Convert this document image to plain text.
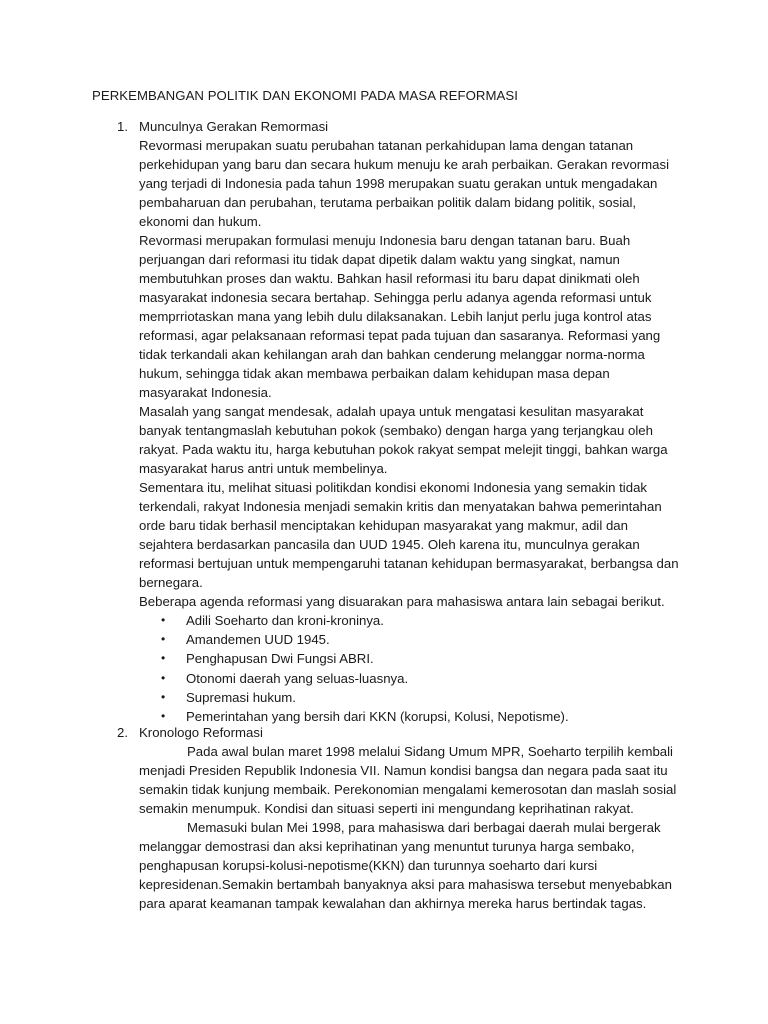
PERKEMBANGAN POLITIK DAN EKONOMI PADA MASA REFORMASI
1. Munculnya Gerakan Remormasi

Revormasi merupakan suatu perubahan tatanan perkahidupan lama dengan tatanan perkehidupan yang baru dan secara hukum menuju ke arah perbaikan. Gerakan revormasi yang terjadi di Indonesia pada tahun 1998 merupakan suatu gerakan untuk mengadakan pembaharuan dan perubahan, terutama perbaikan politik dalam bidang politik, sosial, ekonomi dan hukum.

Revormasi merupakan formulasi menuju Indonesia baru dengan tatanan baru. Buah perjuangan dari reformasi itu tidak dapat dipetik dalam waktu yang singkat, namun membutuhkan proses dan waktu. Bahkan hasil reformasi itu baru dapat dinikmati oleh masyarakat indonesia secara bertahap. Sehingga perlu adanya agenda reformasi untuk memprriotaskan mana yang lebih dulu dilaksanakan. Lebih lanjut perlu juga kontrol atas reformasi, agar pelaksanaan reformasi tepat pada tujuan dan sasaranya. Reformasi yang tidak terkandali akan kehilangan arah dan bahkan cenderung melanggar norma-norma hukum, sehingga tidak akan membawa perbaikan dalam kehidupan masa depan masyarakat Indonesia.

Masalah yang sangat mendesak, adalah upaya untuk mengatasi kesulitan masyarakat banyak tentangmaslah kebutuhan pokok (sembako) dengan harga yang terjangkau oleh rakyat. Pada waktu itu, harga kebutuhan pokok rakyat sempat melejit tinggi, bahkan warga masyarakat harus antri untuk membelinya.

Sementara itu, melihat situasi politikdan kondisi ekonomi Indonesia yang semakin tidak terkendali, rakyat Indonesia menjadi semakin kritis dan menyatakan bahwa pemerintahan orde baru tidak berhasil menciptakan kehidupan masyarakat yang makmur, adil dan sejahtera berdasarkan pancasila dan UUD 1945. Oleh karena itu, munculnya gerakan reformasi bertujuan untuk mempengaruhi tatanan kehidupan bermasyarakat, berbangsa dan bernegara.

Beberapa agenda reformasi yang disuarakan para mahasiswa antara lain sebagai berikut.

• Adili Soeharto dan kroni-kroninya.
• Amandemen UUD 1945.
• Penghapusan Dwi Fungsi ABRI.
• Otonomi daerah yang seluas-luasnya.
• Supremasi hukum.
• Pemerintahan yang bersih dari KKN (korupsi, Kolusi, Nepotisme).
2. Kronologo Reformasi

Pada awal bulan maret 1998 melalui Sidang Umum MPR, Soeharto terpilih kembali menjadi Presiden Republik Indonesia VII. Namun kondisi bangsa dan negara pada saat itu semakin tidak kunjung membaik. Perekonomian mengalami kemerosotan dan maslah sosial semakin menumpuk. Kondisi dan situasi seperti ini mengundang keprihatinan rakyat.

Memasuki bulan Mei 1998, para mahasiswa dari berbagai daerah mulai bergerak melanggar demostrasi dan aksi keprihatinan yang menuntut turunya harga sembako, penghapusan korupsi-kolusi-nepotisme(KKN) dan turunnya soeharto dari kursi kepresidenan.Semakin bertambah banyaknya aksi para mahasiswa tersebut menyebabkan para aparat keamanan tampak kewalahan dan akhirnya mereka harus bertindak tagas.
